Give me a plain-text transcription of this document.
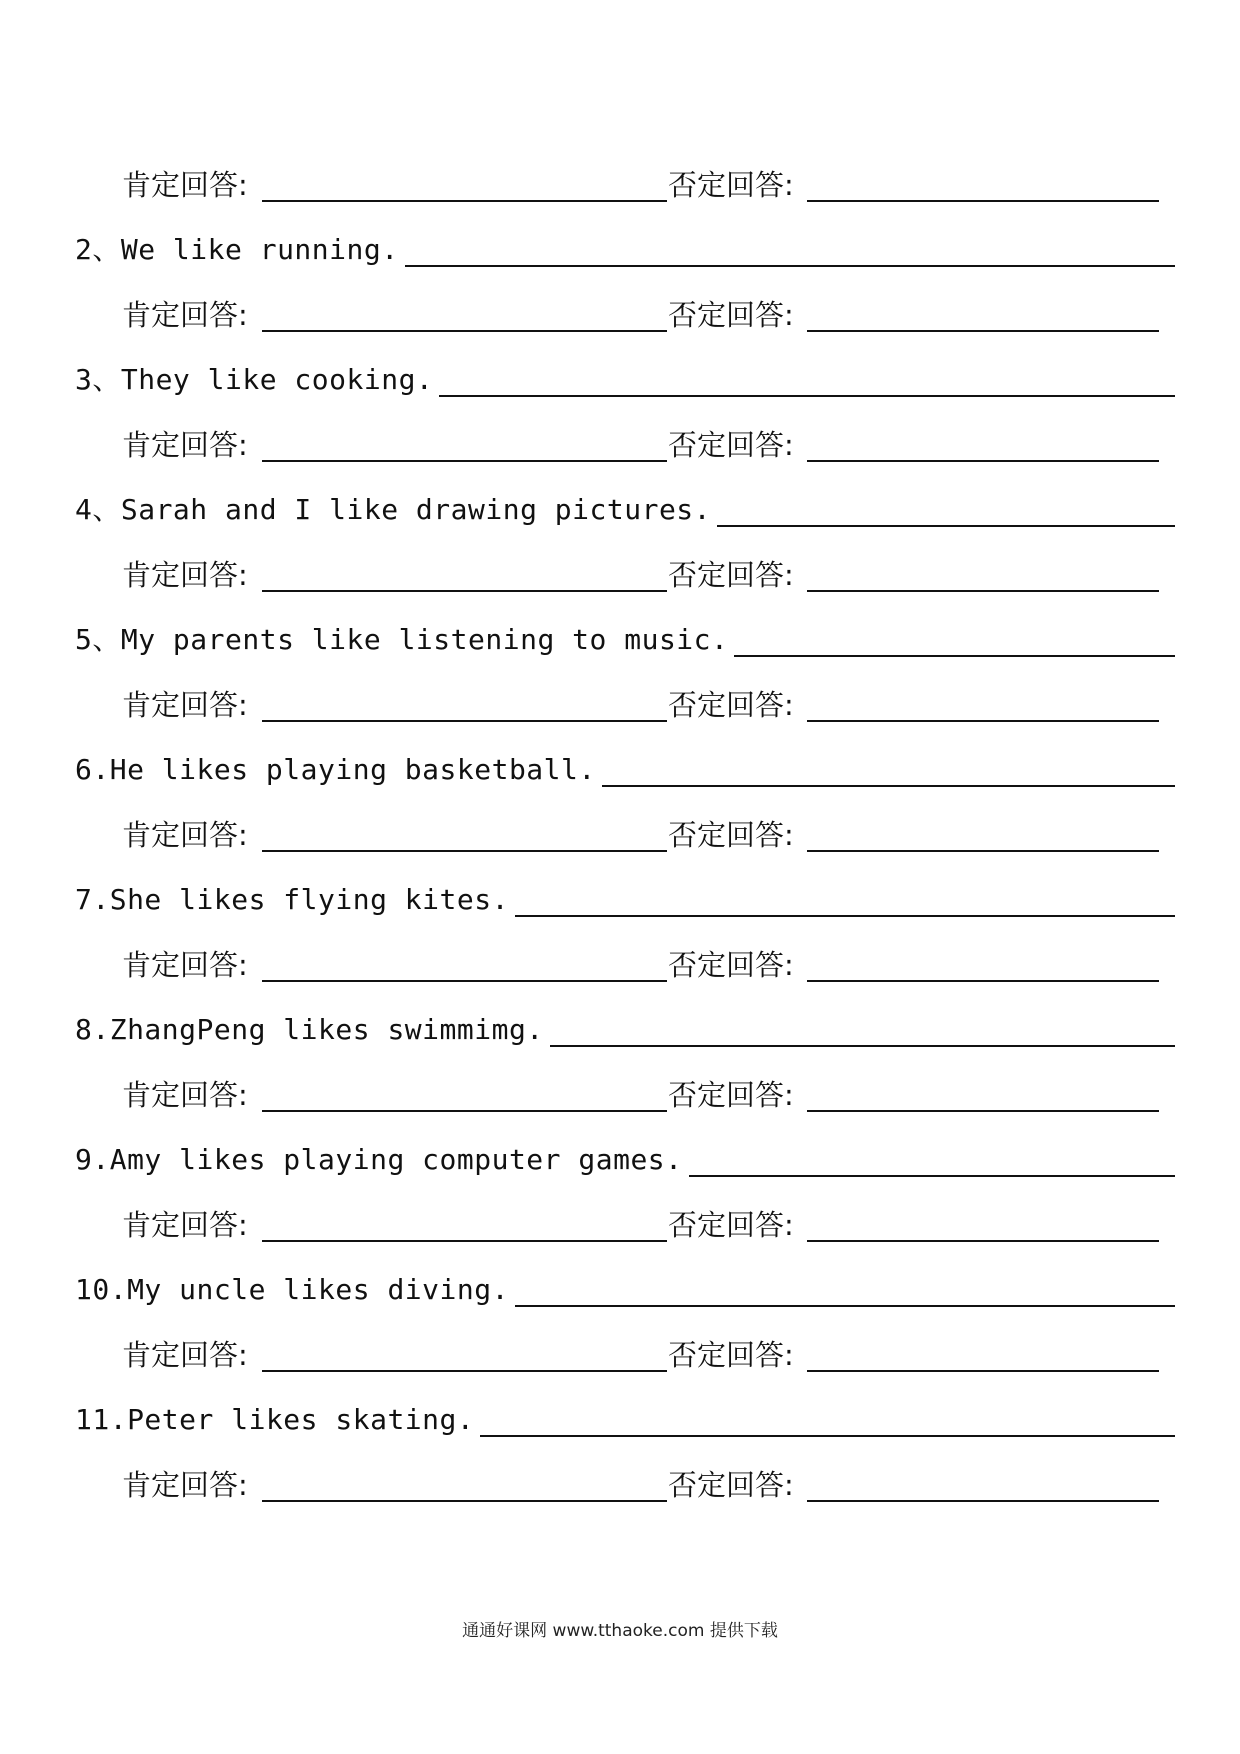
肯定回答:	否定回答:
2、We like running.
肯定回答:	否定回答:
3、They like cooking.
肯定回答:	否定回答:
4、Sarah and I like drawing pictures.
肯定回答:	否定回答:
5、My parents like listening to music.
肯定回答:	否定回答:
6.He likes playing basketball.
肯定回答:	否定回答:
7.She likes flying kites.
肯定回答:	否定回答:
8.ZhangPeng likes swimmimg.
肯定回答:	否定回答:
9.Amy likes playing computer games.
肯定回答:	否定回答:
10.My uncle likes diving.
肯定回答:	否定回答:
11.Peter likes skating.
肯定回答:	否定回答:
通通好课网 www.tthaoke.com 提供下载
